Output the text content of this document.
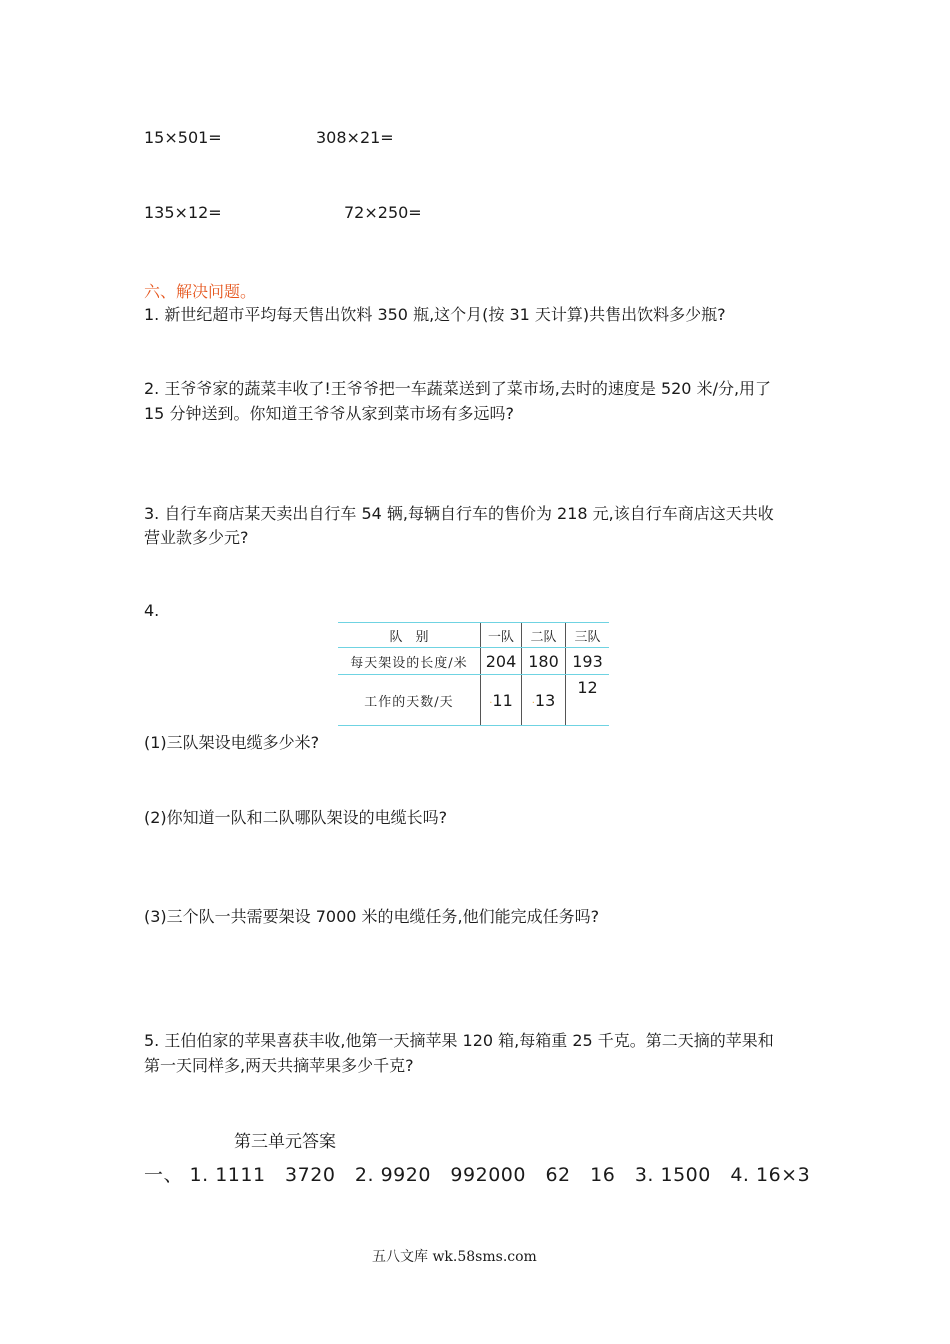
15×501=	308×21=
135×12=	72×250=
六、解决问题。
1. 新世纪超市平均每天售出饮料 350 瓶,这个月(按 31 天计算)共售出饮料多少瓶?
2. 王爷爷家的蔬菜丰收了!王爷爷把一车蔬菜送到了菜市场,去时的速度是 520 米/分,用了
15 分钟送到。你知道王爷爷从家到菜市场有多远吗?
3. 自行车商店某天卖出自行车 54 辆,每辆自行车的售价为 218 元,该自行车商店这天共收
营业款多少元?
4.
队　别	一队	二队	三队
每天架设的长度/米	204	180	193
工作的天数/天	·11	·13	12
(1)三队架设电缆多少米?
(2)你知道一队和二队哪队架设的电缆长吗?
(3)三个队一共需要架设 7000 米的电缆任务,他们能完成任务吗?
5. 王伯伯家的苹果喜获丰收,他第一天摘苹果 120 箱,每箱重 25 千克。第二天摘的苹果和
第一天同样多,两天共摘苹果多少千克?
第三单元答案
一、 1. 1111　3720　2. 9920　992000　62　16　3. 1500　4. 16×3
五八文库 wk.58sms.com
